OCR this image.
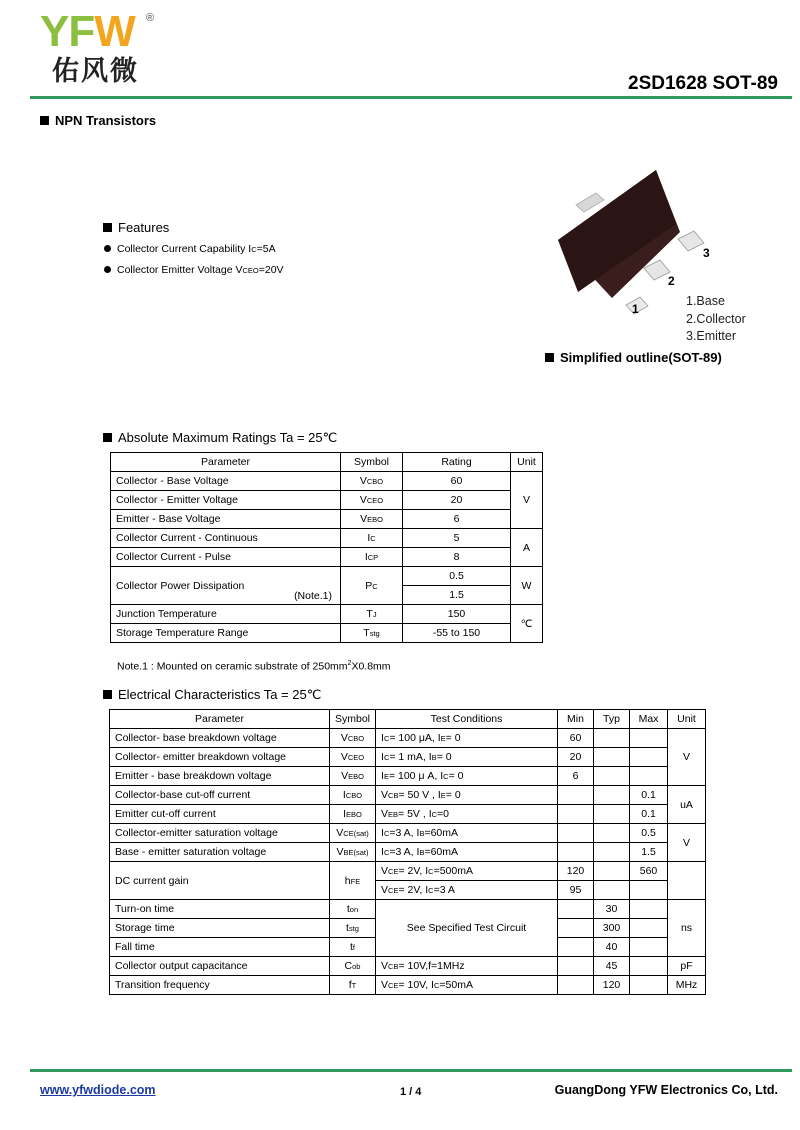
YFW ®
佑风微	2SD1628 SOT-89
NPN Transistors
Features
Collector Current Capability IC=5A
Collector Emitter Voltage VCEO=20V
3
2
1
1.Base
2.Collector
3.Emitter
Simplified outline(SOT-89)
Absolute Maximum Ratings Ta = 25℃
Parameter	Symbol	Rating	Unit
Collector - Base Voltage	VCBO	60	V
Collector - Emitter Voltage	VCEO	20	
Emitter - Base Voltage	VEBO	6	
Collector Current - Continuous	IC	5	A
Collector Current - Pulse	ICP	8	
Collector Power Dissipation
(Note.1)	PC	0.5	W
		1.5	
Junction Temperature	TJ	150	℃
Storage Temperature Range	Tstg	-55 to 150	
Note.1 : Mounted on ceramic substrate of $250mm^2X0.8mm$
Electrical Characteristics Ta = 25℃
Parameter	Symbol	Test Conditions	Min	Typ	Max	Unit
Collector- base breakdown voltage	VCBO	IC= 100 μA, IE= 0	60			V
Collector- emitter breakdown voltage	VCEO	IC= 1 mA, IB= 0	20			
Emitter - base breakdown voltage	VEBO	IE= 100 μ A, IC= 0	6			
Collector-base cut-off current	ICBO	VCB= 50 V , IE= 0			0.1	uA
Emitter cut-off current	IEBO	VEB= 5V , IC=0			0.1	
Collector-emitter saturation voltage	VCE(sat)	IC=3 A, IB=60mA			0.5	V
Base - emitter saturation voltage	VBE(sat)	IC=3 A, IB=60mA			1.5	
DC current gain	hFE	VCE= 2V, IC=500mA	120		560	
		VCE= 2V, IC=3 A	95			
Turn-on time	ton	See Specified Test Circuit		30		ns
Storage time	tstg			300		
Fall time	tf			40		
Collector output capacitance	Cob	VCB= 10V,f=1MHz		45		pF
Transition frequency	fT	VCE= 10V, IC=50mA		120		MHz
www.yfwdiode.com	1 / 4	GuangDong YFW Electronics Co, Ltd.
